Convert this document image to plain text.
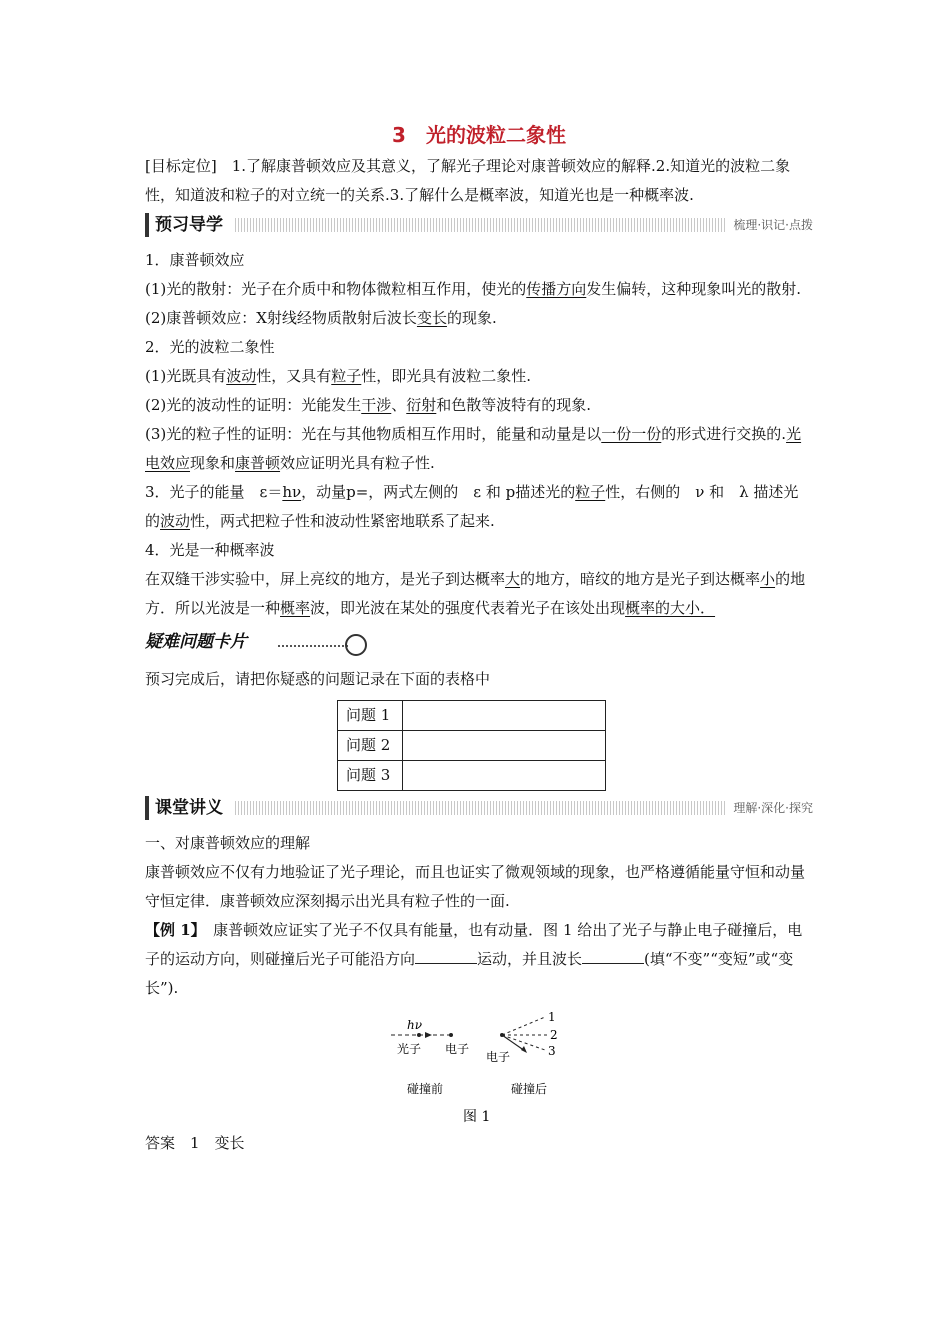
3　光的波粒二象性

[目标定位]　1.了解康普顿效应及其意义，了解光子理论对康普顿效应的解释.2.知道光的波粒二象性，知道波和粒子的对立统一的关系.3.了解什么是概率波，知道光也是一种概率波.

预习导学	梳理·识记·点拨

1．康普顿效应

(1)光的散射：光子在介质中和物体微粒相互作用，使光的传播方向发生偏转，这种现象叫光的散射.

(2)康普顿效应：X射线经物质散射后波长变长的现象.

2．光的波粒二象性

(1)光既具有波动性，又具有粒子性，即光具有波粒二象性.

(2)光的波动性的证明：光能发生干涉、衍射和色散等波特有的现象.

(3)光的粒子性的证明：光在与其他物质相互作用时，能量和动量是以一份一份的形式进行交换的.光电效应现象和康普顿效应证明光具有粒子性.

3．光子的能量　ε＝hν，动量p=，两式左侧的　ε 和 p描述光的粒子性，右侧的　ν 和　λ 描述光的波动性，两式把粒子性和波动性紧密地联系了起来.

4．光是一种概率波

在双缝干涉实验中，屏上亮纹的地方，是光子到达概率大的地方，暗纹的地方是光子到达概率小的地方．所以光波是一种概率波，即光波在某处的强度代表着光子在该处出现概率的大小．

疑难问题卡片

预习完成后，请把你疑惑的问题记录在下面的表格中

问题 1	
问题 2	
问题 3	
课堂讲义	理解·深化·探究

一、对康普顿效应的理解

康普顿效应不仅有力地验证了光子理论，而且也证实了微观领域的现象，也严格遵循能量守恒和动量守恒定律．康普顿效应深刻揭示出光具有粒子性的一面.

【例 1】　康普顿效应证实了光子不仅具有能量，也有动量．图 1 给出了光子与静止电子碰撞后，电子的运动方向，则碰撞后光子可能沿方向	运动，并且波长	(填“不变”“变短”或“变长”).

hν
光子 电子
碰撞前
1
2
3
电子
碰撞后
图 1

答案　1　变长
